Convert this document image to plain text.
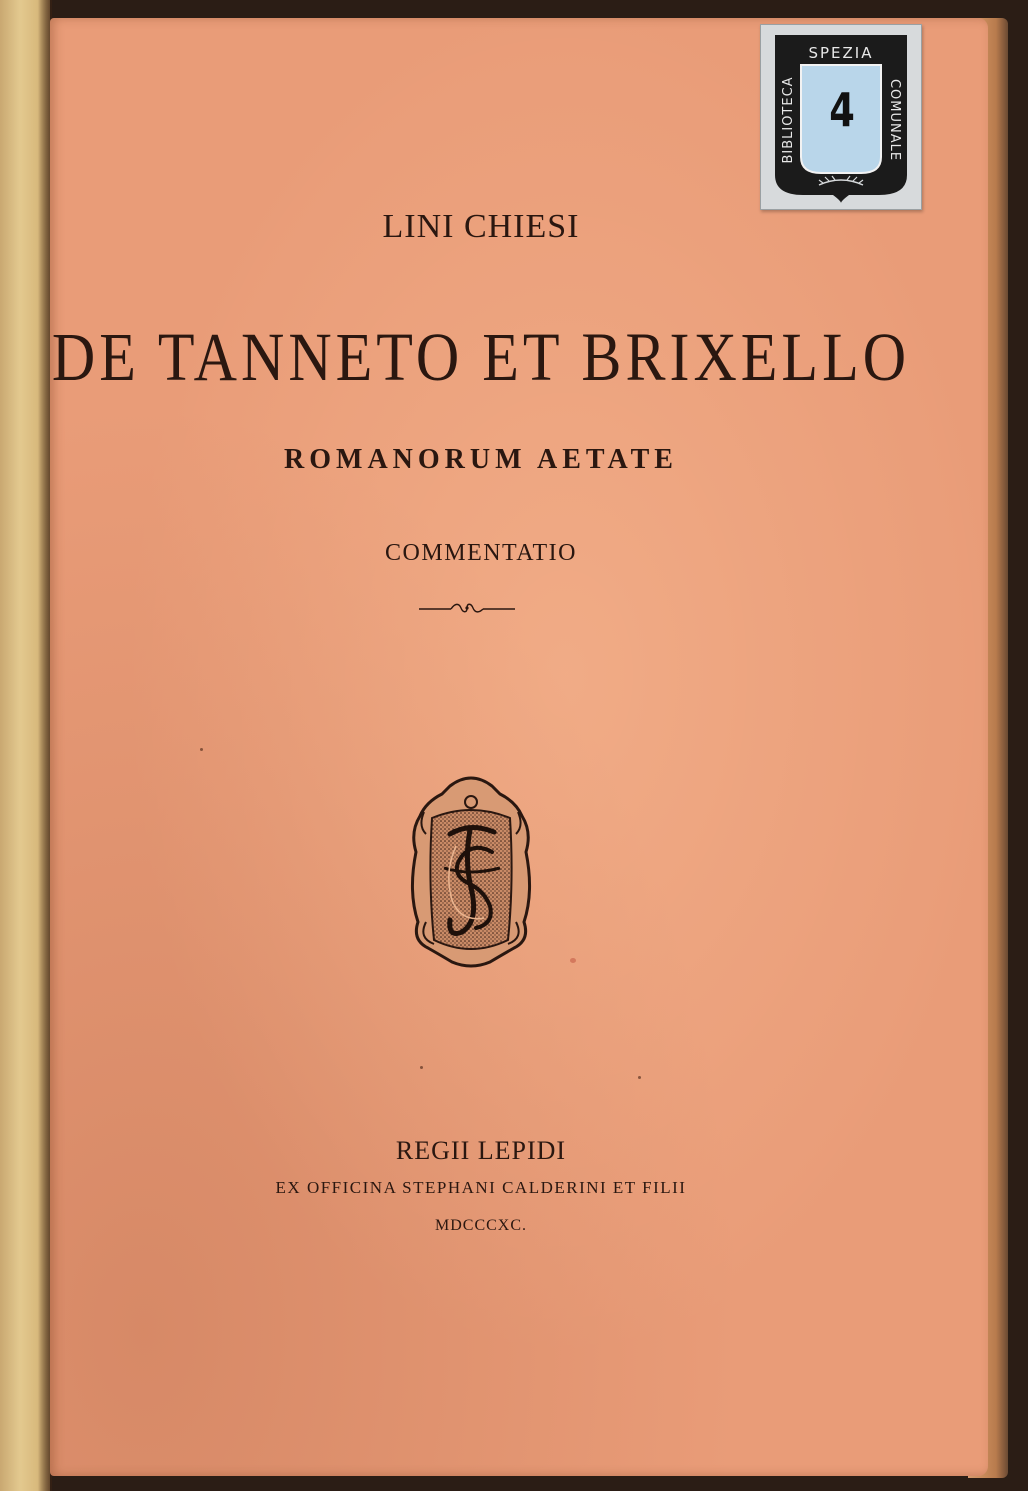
LINI CHIESI
DE TANNETO ET BRIXELLO
ROMANORUM AETATE
COMMENTATIO
REGII LEPIDI
EX OFFICINA STEPHANI CALDERINI ET FILII
MDCCCXC.
SPEZIA
BIBLIOTECA	COMUNALE
4
